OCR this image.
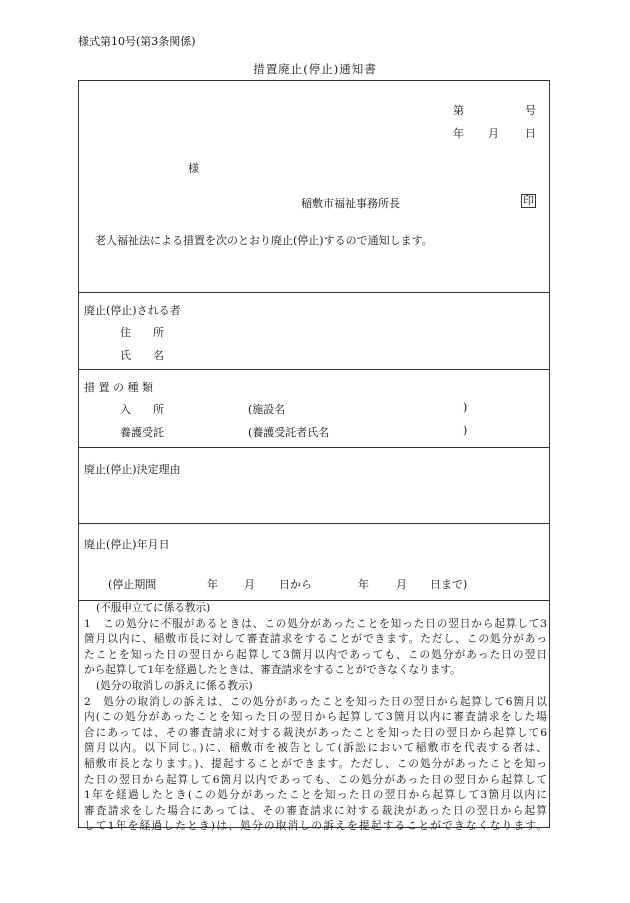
様式第10号(第3条関係)
措置廃止(停止)通知書
第	号
年 月 日
様
稲敷市福祉事務所長	印
老人福祉法による措置を次のとおり廃止(停止)するので通知します。
廃止(停止)される者
住　　所
氏　　名
措 置 の 種 類
入　　所	(施設名	)
養護受託	(養護受託者氏名	)
廃止(停止)決定理由
廃止(停止)年月日
(停止期間	年 月 日から	年 月 日まで)

(不服申立てに係る教示)

1　この処分に不服があるときは、この処分があったことを知った日の翌日から起算して3

箇月以内に、稲敷市長に対して審査請求をすることができます。ただし、この処分があっ

たことを知った日の翌日から起算して3箇月以内であっても、この処分があった日の翌日

から起算して1年を経過したときは、審査請求をすることができなくなります。

(処分の取消しの訴えに係る教示)

2　処分の取消しの訴えは、この処分があったことを知った日の翌日から起算して6箇月以

内(この処分があったことを知った日の翌日から起算して3箇月以内に審査請求をした場

合にあっては、その審査請求に対する裁決があったことを知った日の翌日から起算して6

箇月以内。以下同じ。)に、稲敷市を被告として(訴訟において稲敷市を代表する者は、

稲敷市長となります。)、提起することができます。ただし、この処分があったことを知っ

た日の翌日から起算して6箇月以内であっても、この処分があった日の翌日から起算して

1年を経過したとき(この処分があったことを知った日の翌日から起算して3箇月以内に

審査請求をした場合にあっては、その審査請求に対する裁決があった日の翌日から起算

して1年を経過したとき)は、処分の取消しの訴えを提起することができなくなります。
